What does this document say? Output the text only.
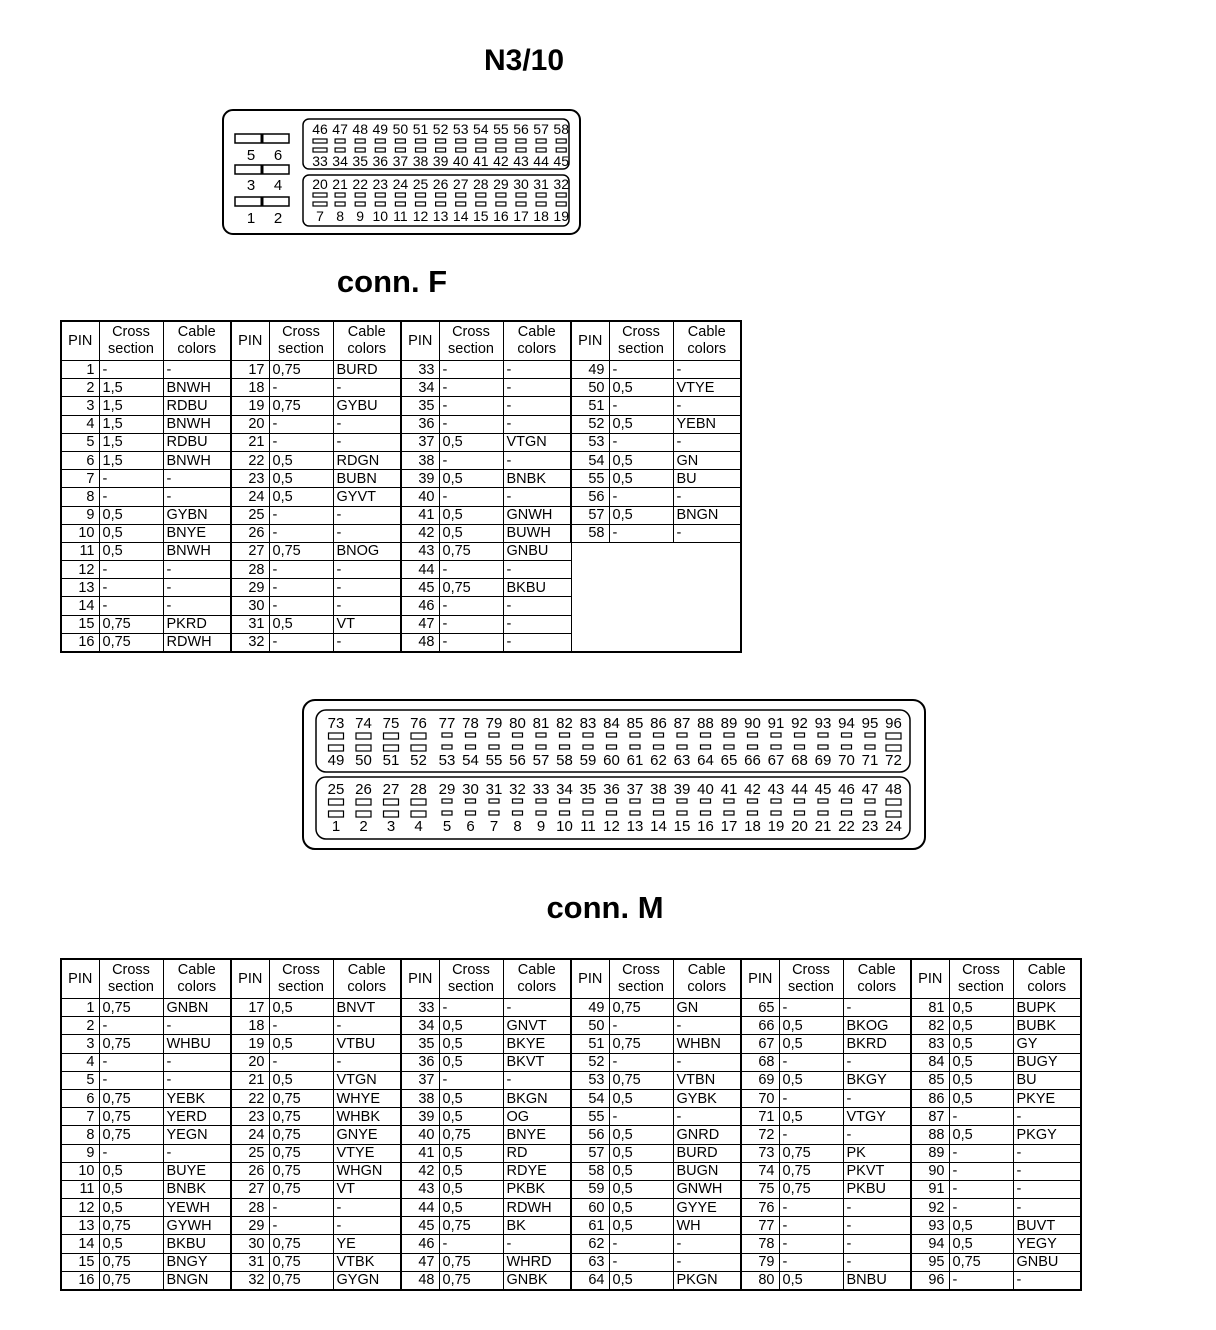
N3/10
5 6
3 4
1 2
46 47 48 49 50 51 52 53 54 55 56 57 58
33 34 35 36 37 38 39 40 41 42 43 44 45
20 21 22 23 24 25 26 27 28 29 30 31 32
7 8 9 10 11 12 13 14 15 16 17 18 19
conn. F
PIN	Cross
section	Cable
colors	PIN	Cross
section	Cable
colors	PIN	Cross
section	Cable
colors	PIN	Cross
section	Cable
colors
1	-	-	17	0,75	BURD	33	-	-	49	-	-
2	1,5	BNWH	18	-	-	34	-	-	50	0,5	VTYE
3	1,5	RDBU	19	0,75	GYBU	35	-	-	51	-	-
4	1,5	BNWH	20	-	-	36	-	-	52	0,5	YEBN
5	1,5	RDBU	21	-	-	37	0,5	VTGN	53	-	-
6	1,5	BNWH	22	0,5	RDGN	38	-	-	54	0,5	GN
7	-	-	23	0,5	BUBN	39	0,5	BNBK	55	0,5	BU
8	-	-	24	0,5	GYVT	40	-	-	56	-	-
9	0,5	GYBN	25	-	-	41	0,5	GNWH	57	0,5	BNGN
10	0,5	BNYE	26	-	-	42	0,5	BUWH	58	-	-
11	0,5	BNWH	27	0,75	BNOG	43	0,75	GNBU			
12	-	-	28	-	-	44	-	-			
13	-	-	29	-	-	45	0,75	BKBU			
14	-	-	30	-	-	46	-	-			
15	0,75	PKRD	31	0,5	VT	47	-	-			
16	0,75	RDWH	32	-	-	48	-	-			
73 74 75 76 77 78 79 80 81 82 83 84 85 86 87 88 89 90 91 92 93 94 95 96
49 50 51 52 53 54 55 56 57 58 59 60 61 62 63 64 65 66 67 68 69 70 71 72
25 26 27 28 29 30 31 32 33 34 35 36 37 38 39 40 41 42 43 44 45 46 47 48
1 2 3 4 5 6 7 8 9 10 11 12 13 14 15 16 17 18 19 20 21 22 23 24
conn. M
PIN	Cross
section	Cable
colors	PIN	Cross
section	Cable
colors	PIN	Cross
section	Cable
colors	PIN	Cross
section	Cable
colors	PIN	Cross
section	Cable
colors	PIN	Cross
section	Cable
colors
1	0,75	GNBN	17	0,5	BNVT	33	-	-	49	0,75	GN	65	-	-	81	0,5	BUPK
2	-	-	18	-	-	34	0,5	GNVT	50	-	-	66	0,5	BKOG	82	0,5	BUBK
3	0,75	WHBU	19	0,5	VTBU	35	0,5	BKYE	51	0,75	WHBN	67	0,5	BKRD	83	0,5	GY
4	-	-	20	-	-	36	0,5	BKVT	52	-	-	68	-	-	84	0,5	BUGY
5	-	-	21	0,5	VTGN	37	-	-	53	0,75	VTBN	69	0,5	BKGY	85	0,5	BU
6	0,75	YEBK	22	0,75	WHYE	38	0,5	BKGN	54	0,5	GYBK	70	-	-	86	0,5	PKYE
7	0,75	YERD	23	0,75	WHBK	39	0,5	OG	55	-	-	71	0,5	VTGY	87	-	-
8	0,75	YEGN	24	0,75	GNYE	40	0,75	BNYE	56	0,5	GNRD	72	-	-	88	0,5	PKGY
9	-	-	25	0,75	VTYE	41	0,5	RD	57	0,5	BURD	73	0,75	PK	89	-	-
10	0,5	BUYE	26	0,75	WHGN	42	0,5	RDYE	58	0,5	BUGN	74	0,75	PKVT	90	-	-
11	0,5	BNBK	27	0,75	VT	43	0,5	PKBK	59	0,5	GNWH	75	0,75	PKBU	91	-	-
12	0,5	YEWH	28	-	-	44	0,5	RDWH	60	0,5	GYYE	76	-	-	92	-	-
13	0,75	GYWH	29	-	-	45	0,75	BK	61	0,5	WH	77	-	-	93	0,5	BUVT
14	0,5	BKBU	30	0,75	YE	46	-	-	62	-	-	78	-	-	94	0,5	YEGY
15	0,75	BNGY	31	0,75	VTBK	47	0,75	WHRD	63	-	-	79	-	-	95	0,75	GNBU
16	0,75	BNGN	32	0,75	GYGN	48	0,75	GNBK	64	0,5	PKGN	80	0,5	BNBU	96	-	-
